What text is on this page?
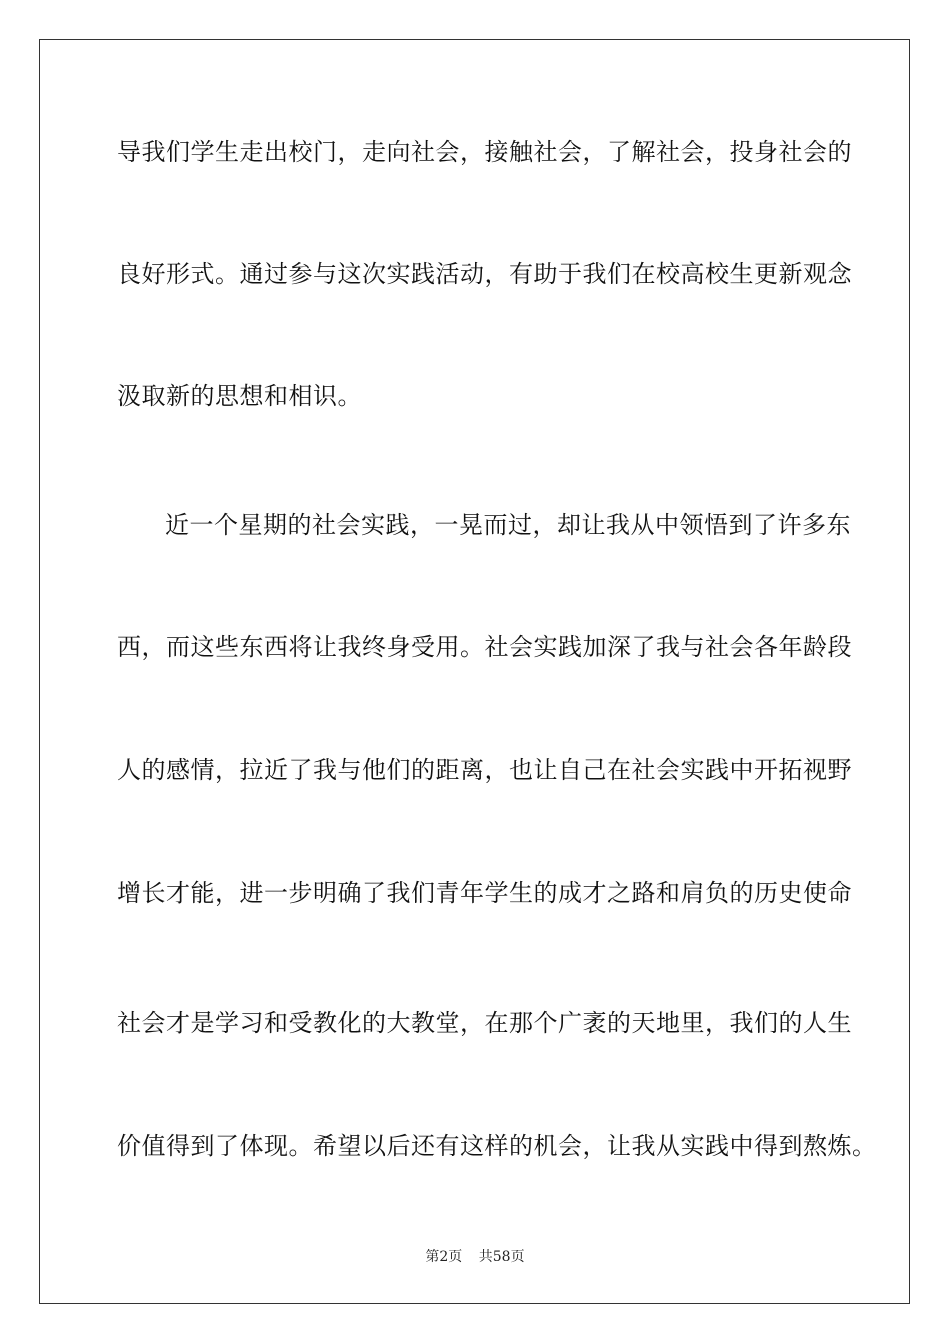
导我们学生走出校门，走向社会，接触社会，了解社会，投身社会的
良好形式。通过参与这次实践活动，有助于我们在校高校生更新观念
汲取新的思想和相识。
近一个星期的社会实践，一晃而过，却让我从中领悟到了许多东
西，而这些东西将让我终身受用。社会实践加深了我与社会各年龄段
人的感情，拉近了我与他们的距离，也让自己在社会实践中开拓视野
增长才能，进一步明确了我们青年学生的成才之路和肩负的历史使命
社会才是学习和受教化的大教堂，在那个广袤的天地里，我们的人生
价值得到了体现。希望以后还有这样的机会，让我从实践中得到熬炼。
第2页 共58页
